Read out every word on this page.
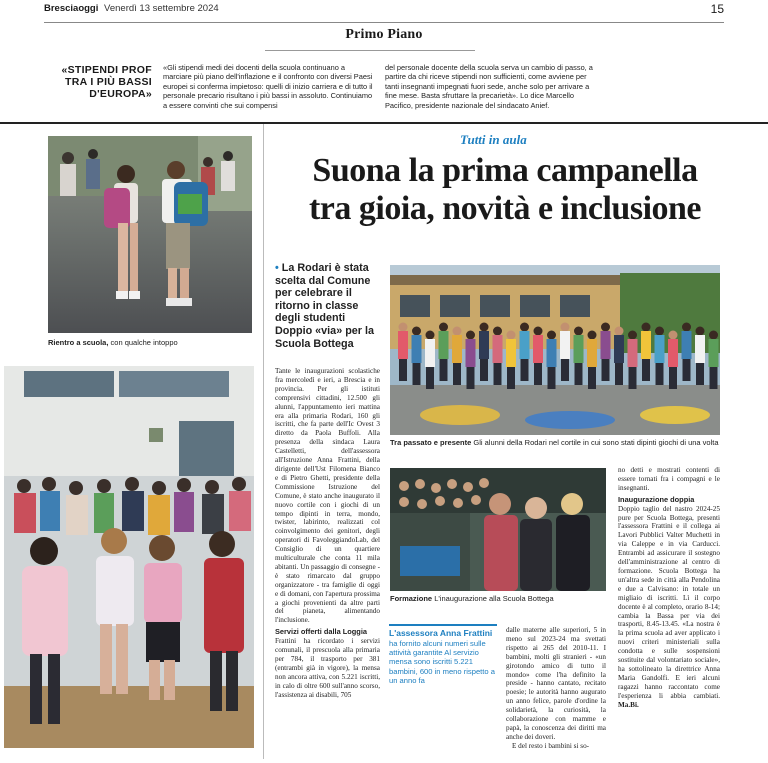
Bresciaoggi Venerdì 13 settembre 2024	15
Primo Piano
«STIPENDI PROF TRA I PIÙ BASSI D'EUROPA»
«Gli stipendi medi dei docenti della scuola continuano a marciare più piano dell'inflazione e il confronto con diversi Paesi europei si conferma impietoso: quelli di inizio carriera e di tutto il personale precario risultano i più bassi in assoluto. Continuiamo a essere convinti che sui compensi
del personale docente della scuola serva un cambio di passo, a partire da chi riceve stipendi non sufficienti, come avviene per tanti insegnanti impegnati fuori sede, anche solo per arrivare a fine mese. Basta sfruttare la precarietà». Lo dice Marcello Pacifico, presidente nazionale del sindacato Anief.
Rientro a scuola, con qualche intoppo
Tutti in aula
Suona la prima campanella
tra gioia, novità e inclusione
• La Rodari è stata scelta dal Comune per celebrare il ritorno in classe degli studenti Doppio «via» per la Scuola Bottega
Tra passato e presente Gli alunni della Rodari nel cortile in cui sono stati dipinti giochi di una volta
Formazione L'inaugurazione alla Scuola Bottega
Tante le inaugurazioni scolastiche fra mercoledì e ieri, a Brescia e in provincia. Per gli istituti comprensivi cittadini, 12.500 gli alunni, l'appuntamento ieri mattina era alla primaria Rodari, 160 gli iscritti, che fa parte dell'Ic Ovest 3 diretto da Paola Buffoli. Alla presenza della sindaca Laura Castelletti, dell'assessora all'Istruzione Anna Frattini, della dirigente dell'Ust Filomena Bianco e di Pietro Ghetti, presidente della Commissione Istruzione del Comune, è stato anche inaugurato il nuovo cortile con i giochi di un tempo dipinti in terra, mondo, twister, labirinto, realizzati col coinvolgimento dei genitori, degli operatori di FavoleggiandoLab, del Consiglio di un quartiere multiculturale che conta 11 mila abitanti. Un passaggio di consegne - è stato rimarcato dal gruppo organizzatore - tra famiglie di oggi e di domani, con l'apertura prossima a giochi provenienti da altre parti del pianeta, alimentando l'inclusione.
Servizi offerti dalla Loggia
Frattini ha ricordato i servizi comunali, il prescuola alla primaria per 784, il trasporto per 381 (entrambi già in vigore), la mensa non ancora attiva, con 5.221 iscritti, in calo di oltre 600 sull'anno scorso, l'assistenza ai disabili, 705
L'assessora Anna Frattini
ha fornito alcuni numeri sulle attività garantite Al servizio mensa sono iscritti 5.221 bambini, 600 in meno rispetto a un anno fa
dalle materne alle superiori, 5 in meno sul 2023-24 ma svettati rispetto ai 265 del 2010-11. I bambini, molti gli stranieri - «un girotondo amico di tutto il mondo» come l'ha definito la preside - hanno cantato, recitato poesie; le autorità hanno augurato un anno felice, parole d'ordine la solidarietà, la curiosità, la collaborazione con mamme e papà, la conoscenza dei diritti ma anche dei doveri.
E del resto i bambini si so-
no detti e mostrati contenti di essere tornati fra i compagni e le insegnanti.
Inaugurazione doppia
Doppio taglio del nastro 2024-25 pure per Scuola Bottega, presenti l'assessora Frattini e il collega ai Lavori Pubblici Valter Muchetti in via Caleppe e in via Carducci. Entrambi ad assicurare il sostegno dell'amministrazione al centro di formazione. Scuola Bottega ha un'altra sede in città alla Pendolina e due a Calvisano: in totale un migliaio di iscritti. Lì il corpo docente è al completo, orario 8-14; cambia la Bassa per via dei trasporti, 8.45-13.45. «La nostra è la prima scuola ad aver applicato i nuovi criteri ministeriali sulla condotta e sulle sospensioni sostituite dal volontariato sociale», ha sottolineato la direttrice Anna Maria Gandolfi. E ieri alcuni ragazzi hanno raccontato come l'esperienza li abbia cambiati. Ma.Bi.
